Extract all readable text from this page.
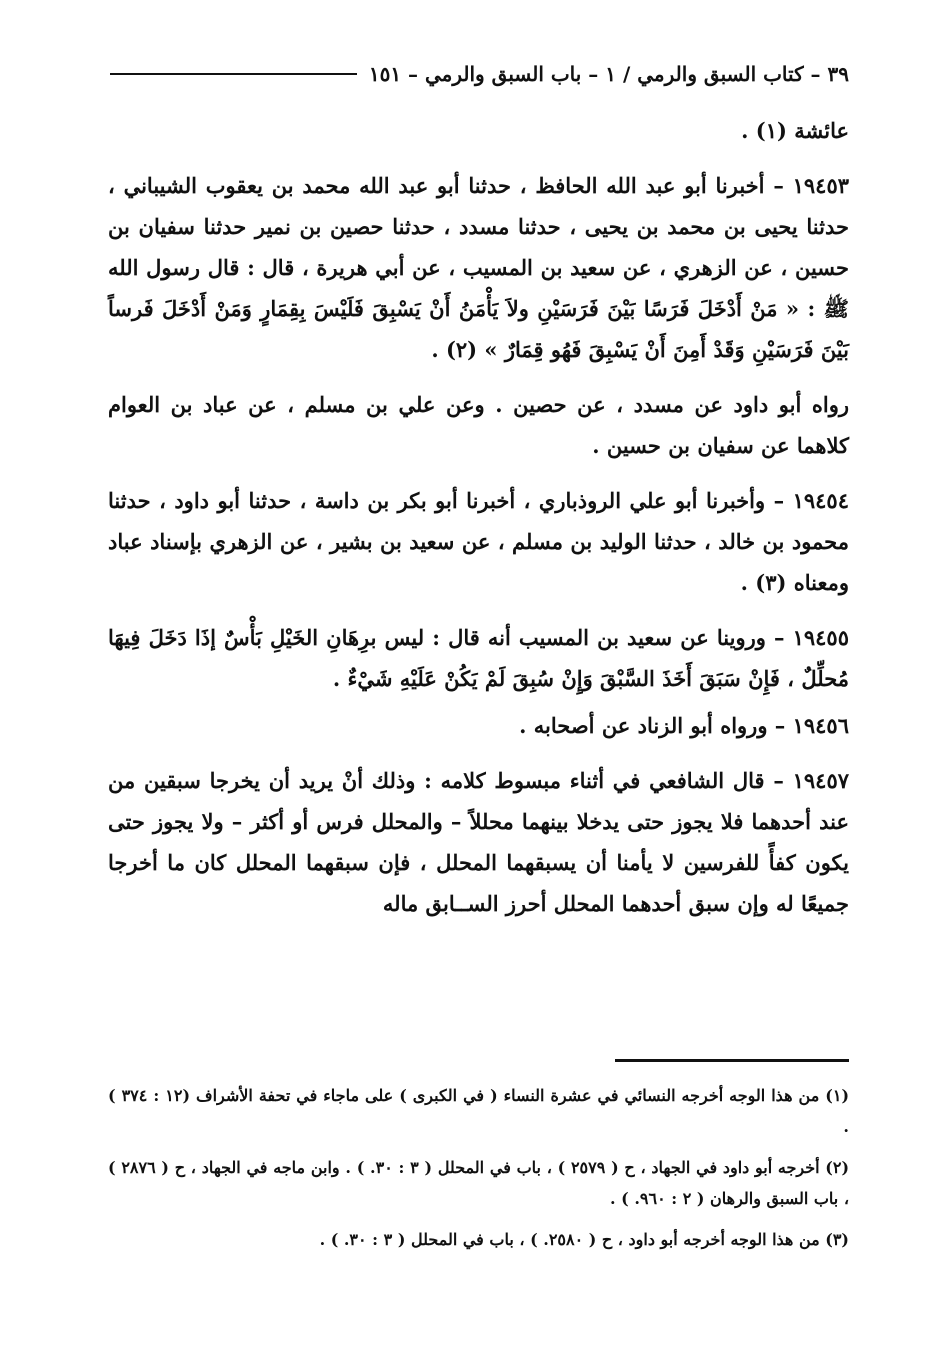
٣٩ – كتاب السبق والرمي / ١ – باب السبق والرمي – ١٥١

عائشة (١) .

١٩٤٥٣ – أخبرنا أبو عبد الله الحافظ ، حدثنا أبو عبد الله محمد بن يعقوب الشيباني ، حدثنا يحيى بن محمد بن يحيى ، حدثنا مسدد ، حدثنا حصين بن نمير حدثنا سفيان بن حسين ، عن الزهري ، عن سعيد بن المسيب ، عن أبي هريرة ، قال : قال رسول الله ﷺ : « مَنْ أَدْخَلَ فَرَسًا بَيْنَ فَرَسَيْنِ ولاَ يَأْمَنُ أَنْ يَسْبِقَ فَلَيْسَ بِقِمَارٍ وَمَنْ أَدْخَلَ فَرساً بَيْنَ فَرَسَيْنِ وَقَدْ أَمِنَ أَنْ يَسْبِقَ فَهُو قِمَارٌ » (٢) .

رواه أبو داود عن مسدد ، عن حصين . وعن علي بن مسلم ، عن عباد بن العوام كلاهما عن سفيان بن حسين .

١٩٤٥٤ – وأخبرنا أبو علي الروذباري ، أخبرنا أبو بكر بن داسة ، حدثنا أبو داود ، حدثنا محمود بن خالد ، حدثنا الوليد بن مسلم ، عن سعيد بن بشير ، عن الزهري بإسناد عباد ومعناه (٣) .

١٩٤٥٥ – وروينا عن سعيد بن المسيب أنه قال : ليس برِهَانِ الخَيْلِ بَأْسٌ إذَا دَخَلَ فِيهَا مُحلِّلٌ ، فَإِنْ سَبَقَ أَخَذَ السَّبْقَ وَإِنْ سُبِقَ لَمْ يَكُنْ عَلَيْهِ شَيْءٌ .

١٩٤٥٦ – ورواه أبو الزناد عن أصحابه .

١٩٤٥٧ – قال الشافعي في أثناء مبسوط كلامه : وذلك أنْ يريد أن يخرجا سبقين من عند أحدهما فلا يجوز حتى يدخلا بينهما محللاً – والمحلل فرس أو أكثر – ولا يجوز حتى يكون كفأً للفرسين لا يأمنا أن يسبقهما المحلل ، فإن سبقهما المحلل كان ما أخرجا جميعًا له وإن سبق أحدهما المحلل أحرز الســابق ماله

(١) من هذا الوجه أخرجه النسائي في عشرة النساء ( في الكبرى ) على ماجاء في تحفة الأشراف (١٢ : ٣٧٤ ) .

(٢) أخرجه أبو داود في الجهاد ، ح ( ٢٥٧٩ ) ، باب في المحلل ( ٣ : ٣٠. ) . وابن ماجه في الجهاد ، ح ( ٢٨٧٦ ) ، باب السبق والرهان ( ٢ : ٩٦٠. ) .

(٣) من هذا الوجه أخرجه أبو داود ، ح ( ٢٥٨٠. ) ، باب في المحلل ( ٣ : ٣٠. ) .
